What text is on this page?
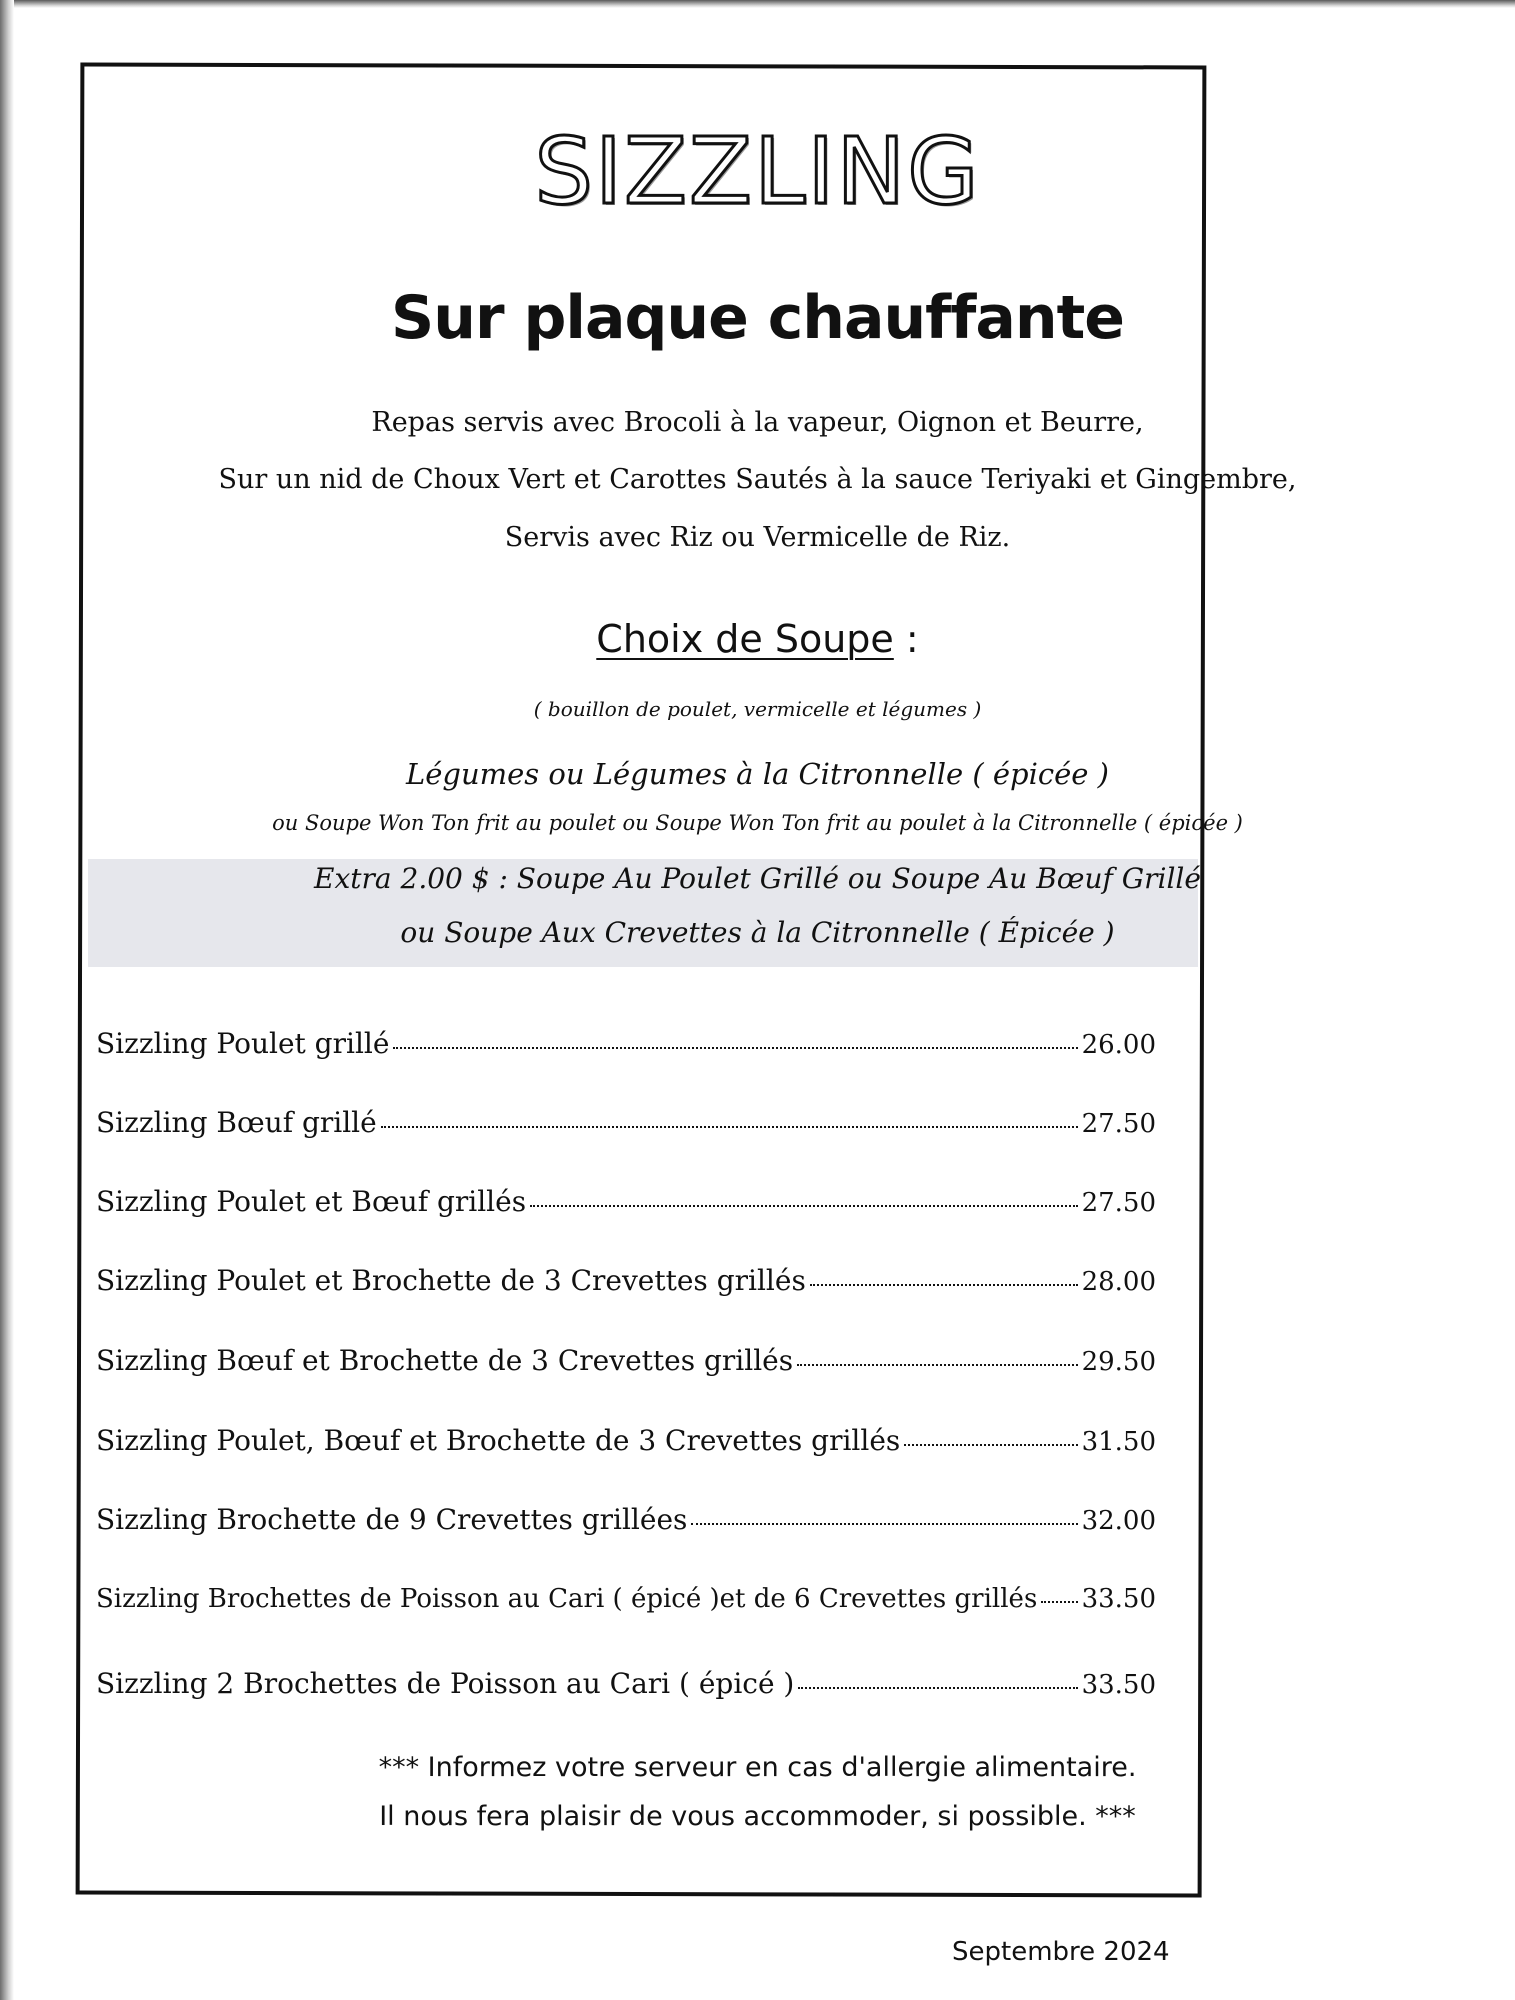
SIZZLING
Sur plaque chauffante
Repas servis avec Brocoli à la vapeur, Oignon et Beurre,
Sur un nid de Choux Vert et Carottes Sautés à la sauce Teriyaki et Gingembre,
Servis avec Riz ou Vermicelle de Riz.
Choix de Soupe :
( bouillon de poulet, vermicelle et légumes )
Légumes ou Légumes à la Citronnelle ( épicée )
ou Soupe Won Ton frit au poulet ou Soupe Won Ton frit au poulet à la Citronnelle ( épicée )
Extra 2.00 $ : Soupe Au Poulet Grillé ou Soupe Au Bœuf Grillé
ou Soupe Aux Crevettes à la Citronnelle ( Épicée )
Sizzling Poulet grillé	26.00
Sizzling Bœuf grillé	27.50
Sizzling Poulet et Bœuf grillés	27.50
Sizzling Poulet et Brochette de 3 Crevettes grillés	28.00
Sizzling Bœuf et Brochette de 3 Crevettes grillés	29.50
Sizzling Poulet, Bœuf et Brochette de 3 Crevettes grillés	31.50
Sizzling Brochette de 9 Crevettes grillées	32.00
Sizzling Brochettes de Poisson au Cari ( épicé )et de 6 Crevettes grillés 33.50
Sizzling 2 Brochettes de Poisson au Cari ( épicé )	33.50
*** Informez votre serveur en cas d'allergie alimentaire.
Il nous fera plaisir de vous accommoder, si possible. ***
Septembre 2024
